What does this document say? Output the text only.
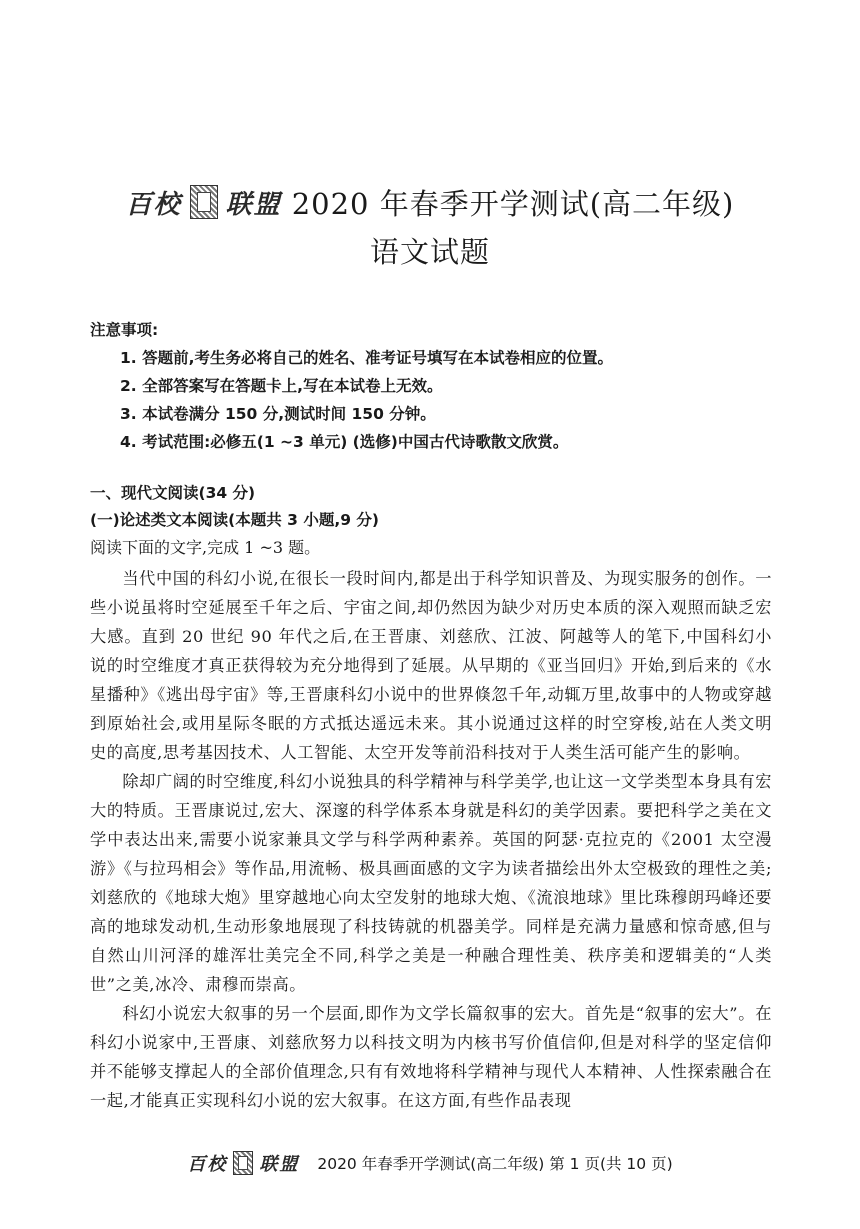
百校 联盟 2020 年春季开学测试(高二年级)
语文试题
注意事项:
1. 答题前,考生务必将自己的姓名、准考证号填写在本试卷相应的位置。
2. 全部答案写在答题卡上,写在本试卷上无效。
3. 本试卷满分 150 分,测试时间 150 分钟。
4. 考试范围:必修五(1 ~3 单元) (选修)中国古代诗歌散文欣赏。
一、现代文阅读(34 分)
(一)论述类文本阅读(本题共 3 小题,9 分)
阅读下面的文字,完成 1 ~3 题。

当代中国的科幻小说,在很长一段时间内,都是出于科学知识普及、为现实服务的创作。一些小说虽将时空延展至千年之后、宇宙之间,却仍然因为缺少对历史本质的深入观照而缺乏宏大感。直到 20 世纪 90 年代之后,在王晋康、刘慈欣、江波、阿越等人的笔下,中国科幻小说的时空维度才真正获得较为充分地得到了延展。从早期的《亚当回归》开始,到后来的《水星播种》《逃出母宇宙》等,王晋康科幻小说中的世界倏忽千年,动辄万里,故事中的人物或穿越到原始社会,或用星际冬眠的方式抵达遥远未来。其小说通过这样的时空穿梭,站在人类文明史的高度,思考基因技术、人工智能、太空开发等前沿科技对于人类生活可能产生的影响。

除却广阔的时空维度,科幻小说独具的科学精神与科学美学,也让这一文学类型本身具有宏大的特质。王晋康说过,宏大、深邃的科学体系本身就是科幻的美学因素。要把科学之美在文学中表达出来,需要小说家兼具文学与科学两种素养。英国的阿瑟·克拉克的《2001 太空漫游》《与拉玛相会》等作品,用流畅、极具画面感的文字为读者描绘出外太空极致的理性之美;刘慈欣的《地球大炮》里穿越地心向太空发射的地球大炮、《流浪地球》里比珠穆朗玛峰还要高的地球发动机,生动形象地展现了科技铸就的机器美学。同样是充满力量感和惊奇感,但与自然山川河泽的雄浑壮美完全不同,科学之美是一种融合理性美、秩序美和逻辑美的“人类世”之美,冰冷、肃穆而崇高。

科幻小说宏大叙事的另一个层面,即作为文学长篇叙事的宏大。首先是“叙事的宏大”。在科幻小说家中,王晋康、刘慈欣努力以科技文明为内核书写价值信仰,但是对科学的坚定信仰并不能够支撑起人的全部价值理念,只有有效地将科学精神与现代人本精神、人性探索融合在一起,才能真正实现科幻小说的宏大叙事。在这方面,有些作品表现

百校 联盟 2020 年春季开学测试(高二年级) 第 1 页(共 10 页)
